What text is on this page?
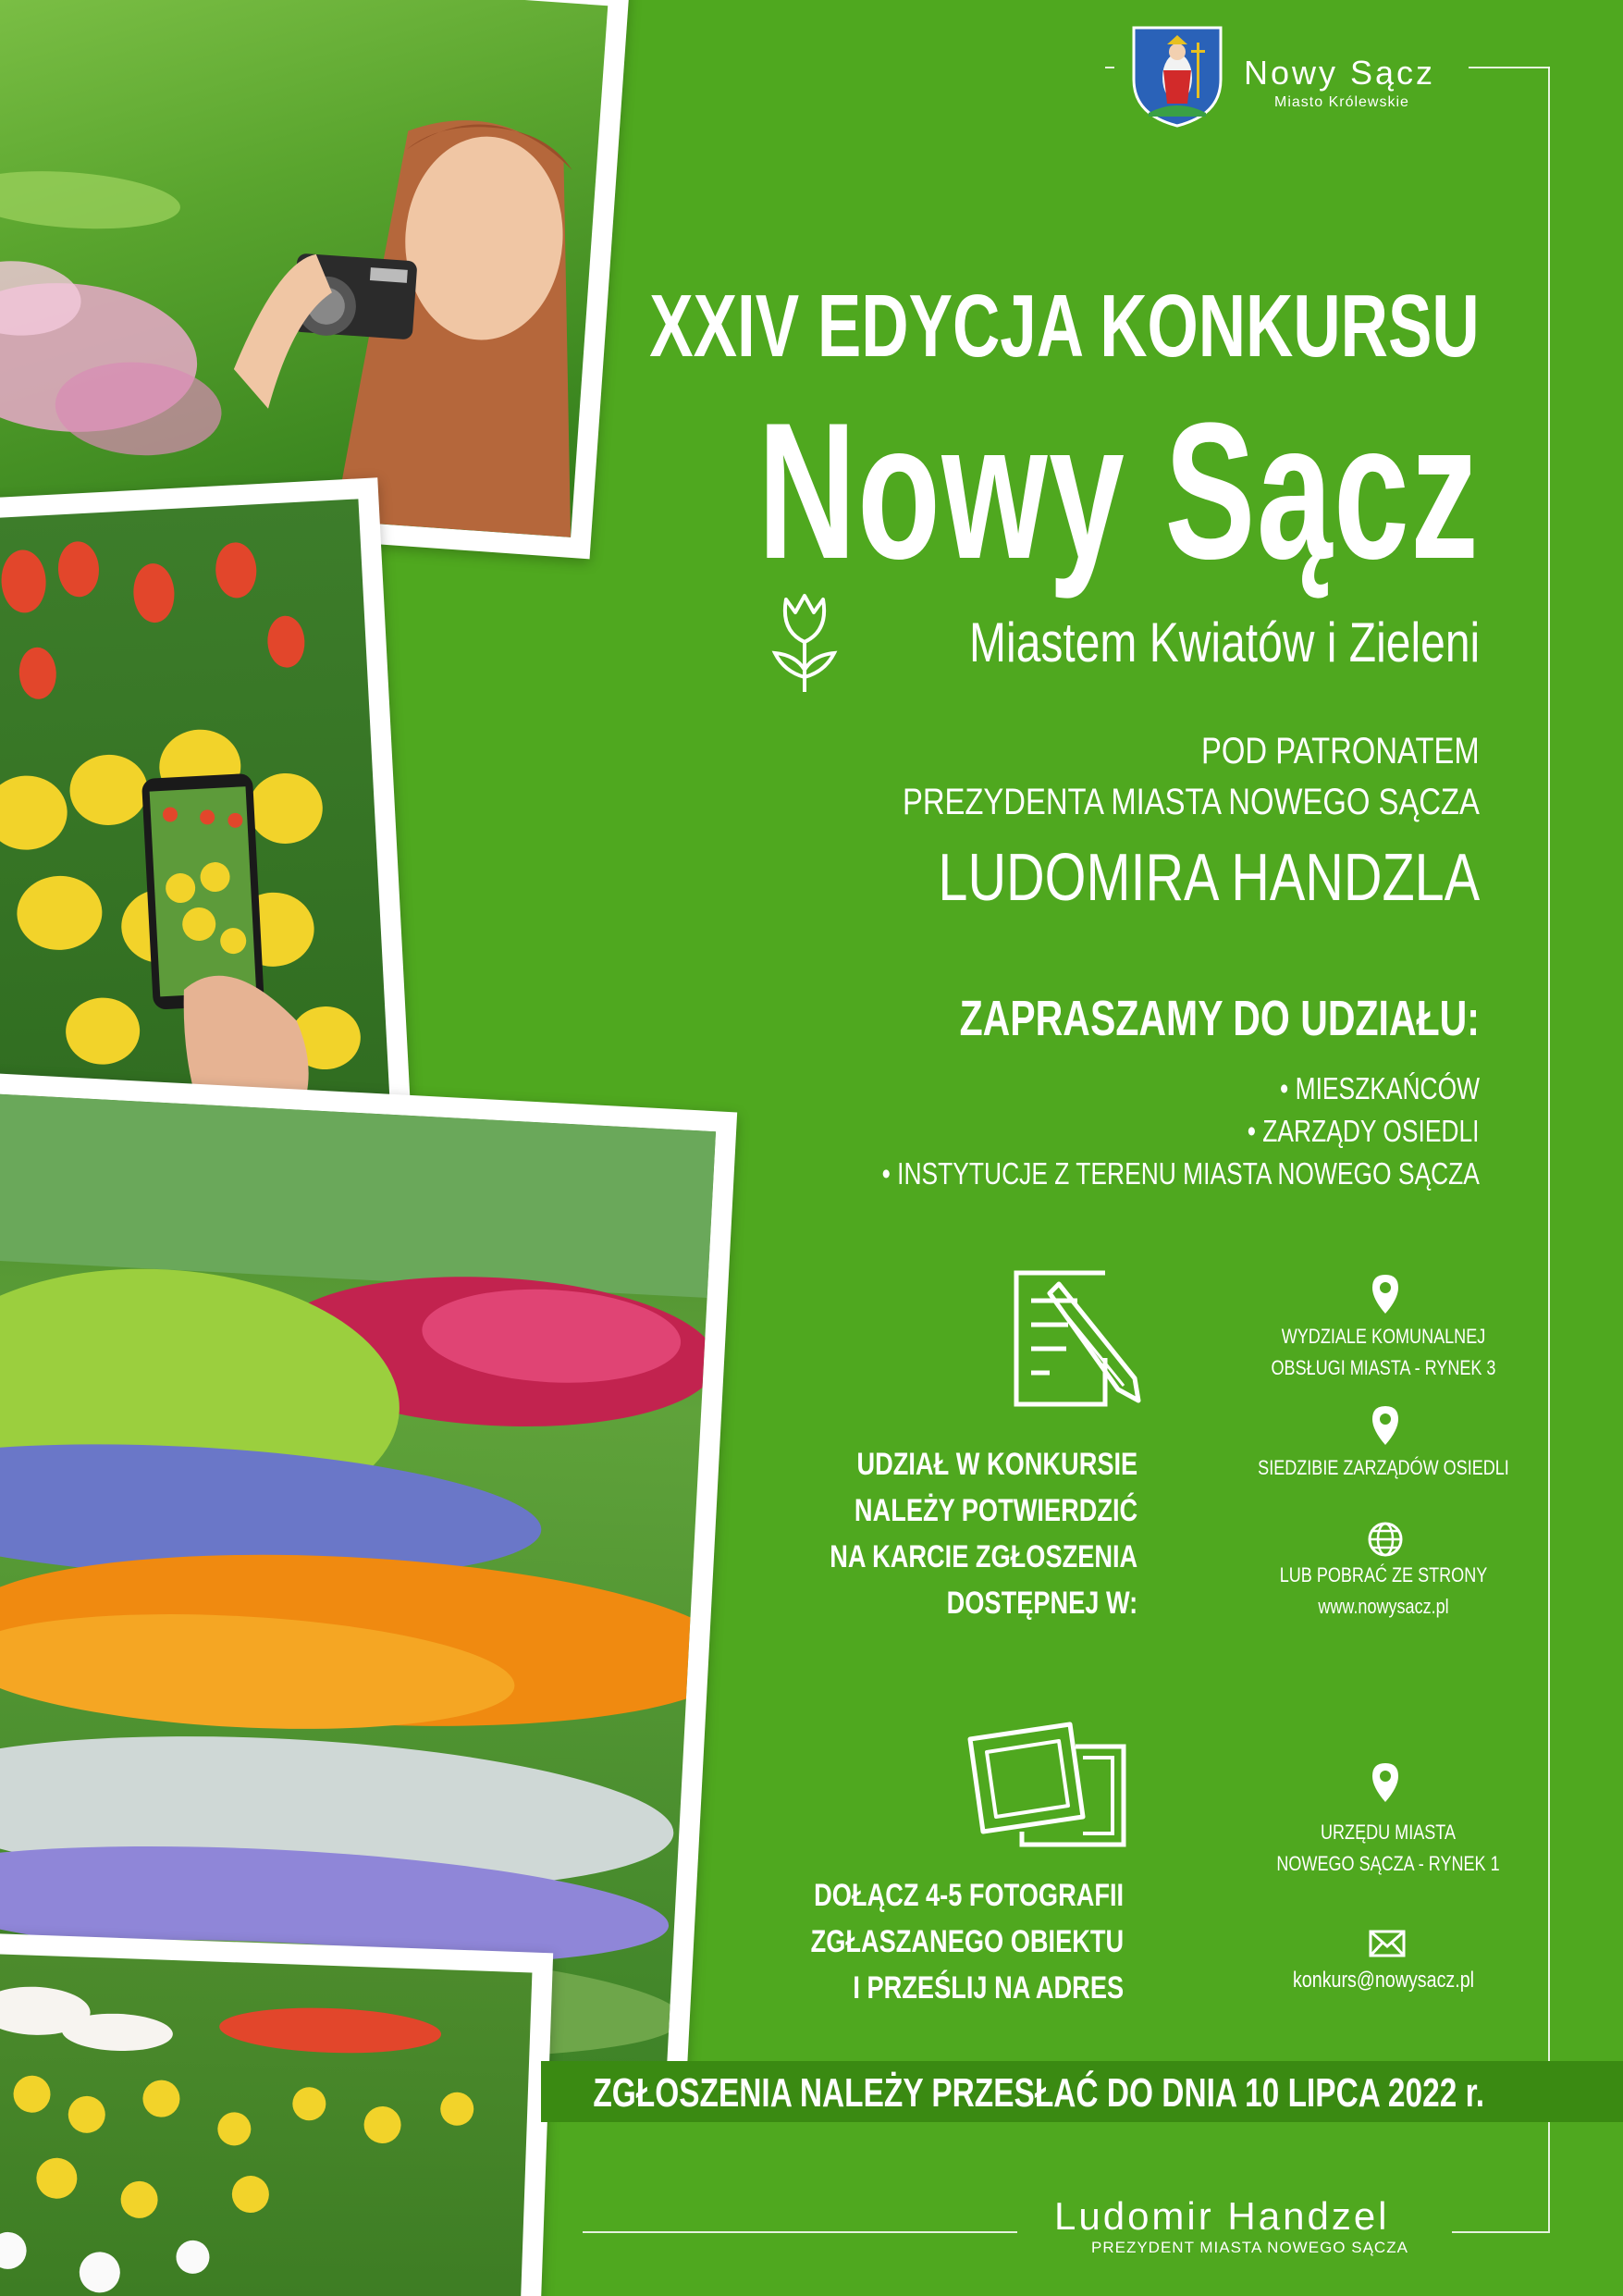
Nowy Sącz
Miasto Królewskie
XXIV EDYCJA KONKURSU
Nowy Sącz
Miastem Kwiatów i Zieleni
POD PATRONATEM
PREZYDENTA MIASTA NOWEGO SĄCZA
LUDOMIRA HANDZLA
ZAPRASZAMY DO UDZIAŁU:
• MIESZKAŃCÓW
• ZARZĄDY OSIEDLI
• INSTYTUCJE Z TERENU MIASTA NOWEGO SĄCZA
UDZIAŁ W KONKURSIE
NALEŻY POTWIERDZIĆ
NA KARCIE ZGŁOSZENIA
DOSTĘPNEJ W:
WYDZIALE KOMUNALNEJ
OBSŁUGI MIASTA - RYNEK 3
SIEDZIBIE ZARZĄDÓW OSIEDLI
LUB POBRAĆ ZE STRONY
www.nowysacz.pl
DOŁĄCZ 4-5 FOTOGRAFII
ZGŁASZANEGO OBIEKTU
I PRZEŚLIJ NA ADRES
URZĘDU MIASTA
NOWEGO SĄCZA - RYNEK 1
konkurs@nowysacz.pl
ZGŁOSZENIA NALEŻY PRZESŁAĆ DO DNIA 10 LIPCA 2022 r.
Ludomir Handzel
PREZYDENT MIASTA NOWEGO SĄCZA
